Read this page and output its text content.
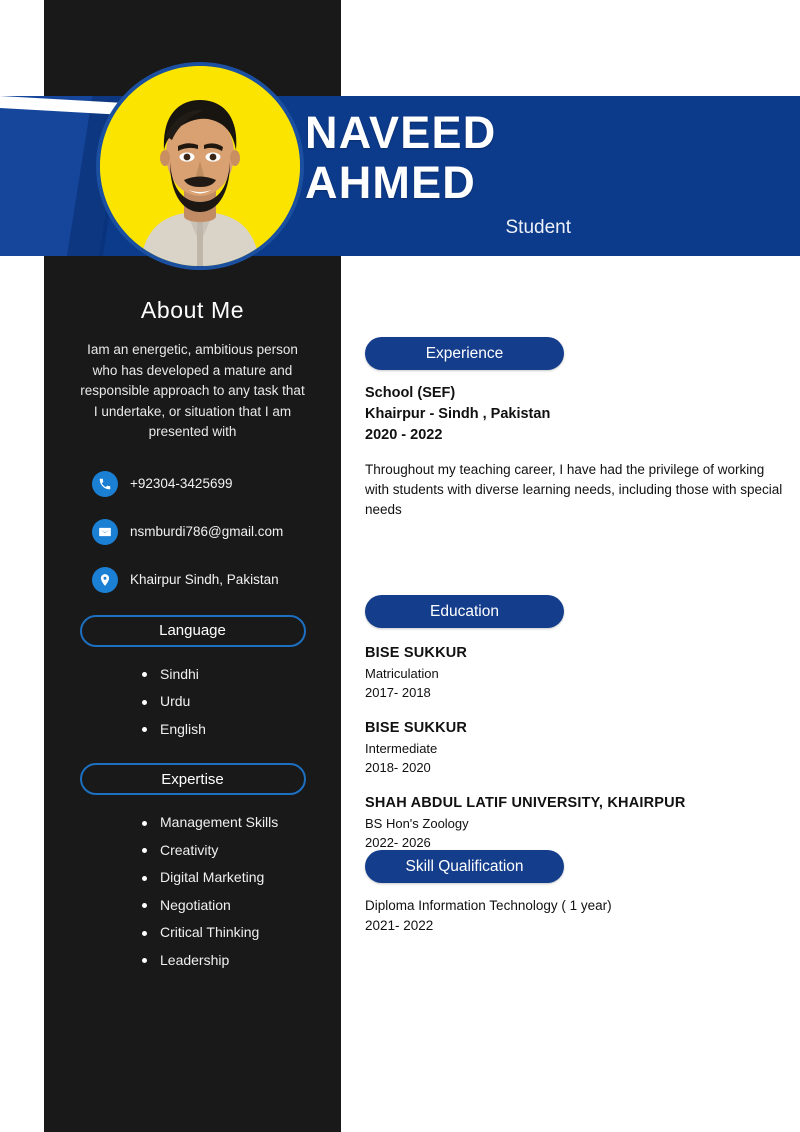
NAVEED
AHMED
Student
About Me

Iam an energetic, ambitious person who has developed a mature and responsible approach to any task that I undertake, or situation that I am presented with

+92304-3425699
nsmburdi786@gmail.com
Khairpur Sindh, Pakistan
Language
Sindhi
Urdu
English
Expertise
Management Skills
Creativity
Digital Marketing
Negotiation
Critical Thinking
Leadership
Experience
School (SEF)
Khairpur - Sindh , Pakistan
2020 - 2022
Throughout my teaching career, I have had the privilege of working with students with diverse learning needs, including those with special needs
Education
BISE SUKKUR
Matriculation
2017- 2018
BISE SUKKUR
Intermediate
2018- 2020
SHAH ABDUL LATIF UNIVERSITY, KHAIRPUR
BS Hon's Zoology
2022- 2026
Skill Qualification
Diploma Information Technology ( 1 year)
2021- 2022
